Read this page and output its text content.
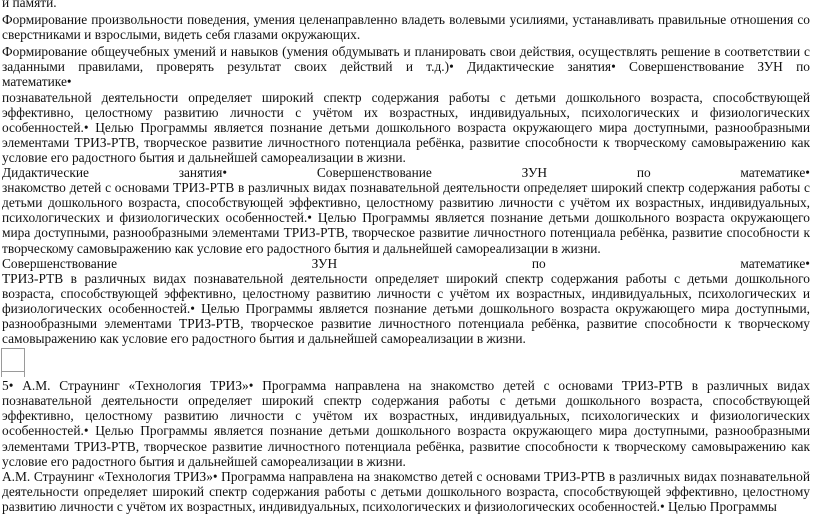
и памяти.

Формирование произвольности поведения, умения целенаправленно владеть волевыми усилиями, устанавливать правильные отношения со сверстниками и взрослыми, видеть себя глазами окружающих.

Формирование общеучебных умений и навыков (умения обдумывать и планировать свои действия, осуществлять решение в соответствии с заданными правилами, проверять результат своих действий и т.д.)• Дидактические занятия• Совершенствование ЗУН по

математике•

познавательной деятельности определяет широкий спектр содержания работы с детьми дошкольного возраста, способствующей эффективно, целостному развитию личности с учётом их возрастных, индивидуальных, психологических и физиологических особенностей.• Целью Программы является познание детьми дошкольного возраста окружающего мира доступными, разнообразными элементами ТРИЗ-РТВ, творческое развитие личностного потенциала ребёнка, развитие способности к творческому самовыражению как условие его радостного бытия и дальнейшей самореализации в жизни.

Дидактические занятия• Совершенствование ЗУН по математике•

знакомство детей с основами ТРИЗ-РТВ в различных видах познавательной деятельности определяет широкий спектр содержания работы с детьми дошкольного возраста, способствующей эффективно, целостному развитию личности с учётом их возрастных, индивидуальных, психологических и физиологических особенностей.• Целью Программы является познание детьми дошкольного возраста окружающего мира доступными, разнообразными элементами ТРИЗ-РТВ, творческое развитие личностного потенциала ребёнка, развитие способности к творческому самовыражению как условие его радостного бытия и дальнейшей самореализации в жизни.

Совершенствование ЗУН по математике•

ТРИЗ-РТВ в различных видах познавательной деятельности определяет широкий спектр содержания работы с детьми дошкольного возраста, способствующей эффективно, целостному развитию личности с учётом их возрастных, индивидуальных, психологических и физиологических особенностей.• Целью Программы является познание детьми дошкольного возраста окружающего мира доступными, разнообразными элементами ТРИЗ-РТВ, творческое развитие личностного потенциала ребёнка, развитие способности к творческому самовыражению как условие его радостного бытия и дальнейшей самореализации в жизни.

5• А.М. Страунинг «Технология ТРИЗ»• Программа направлена на знакомство детей с основами ТРИЗ-РТВ в различных видах познавательной деятельности определяет широкий спектр содержания работы с детьми дошкольного возраста, способствующей эффективно, целостному развитию личности с учётом их возрастных, индивидуальных, психологических и физиологических особенностей.• Целью Программы является познание детьми дошкольного возраста окружающего мира доступными, разнообразными элементами ТРИЗ-РТВ, творческое развитие личностного потенциала ребёнка, развитие способности к творческому самовыражению как условие его радостного бытия и дальнейшей самореализации в жизни.

А.М. Страунинг «Технология ТРИЗ»• Программа направлена на знакомство детей с основами ТРИЗ-РТВ в различных видах познавательной деятельности определяет широкий спектр содержания работы с детьми дошкольного возраста, способствующей эффективно, целостному развитию личности с учётом их возрастных, индивидуальных, психологических и физиологических особенностей.• Целью Программы
